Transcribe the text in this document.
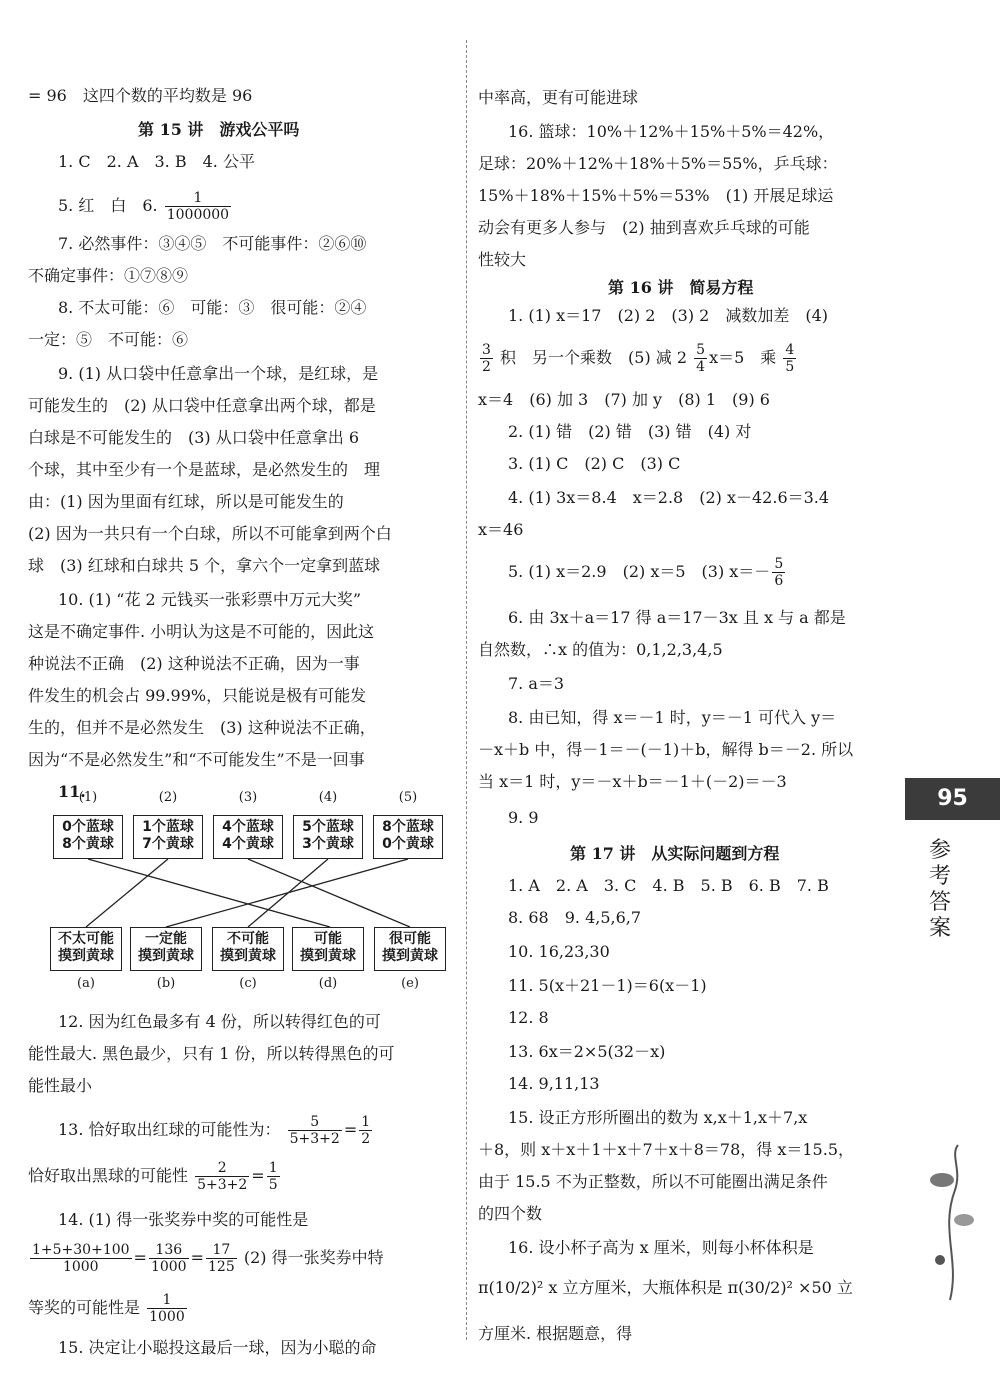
= 96　这四个数的平均数是 96
第 15 讲　游戏公平吗
1. C　2. A　3. B　4. 公平
5. 红　白　6. $\frac{1}{1000000}$
7. 必然事件：③④⑤　不可能事件：②⑥⑩
不确定事件：①⑦⑧⑨
8. 不太可能：⑥　可能：③　很可能：②④
一定：⑤　不可能：⑥
9. (1) 从口袋中任意拿出一个球，是红球，是
可能发生的　(2) 从口袋中任意拿出两个球，都是
白球是不可能发生的　(3) 从口袋中任意拿出 6
个球，其中至少有一个是蓝球，是必然发生的　理
由：(1) 因为里面有红球，所以是可能发生的
(2) 因为一共只有一个白球，所以不可能拿到两个白
球　(3) 红球和白球共 5 个，拿六个一定拿到蓝球
10. (1) “花 2 元钱买一张彩票中万元大奖”
这是不确定事件. 小明认为这是不可能的，因此这
种说法不正确　(2) 这种说法不正确，因为一事
件发生的机会占 99.99%，只能说是极有可能发
生的，但并不是必然发生　(3) 这种说法不正确，
因为“不是必然发生”和“不可能发生”不是一回事
11.
12. 因为红色最多有 4 份，所以转得红色的可
能性最大. 黑色最少，只有 1 份，所以转得黑色的可
能性最小
13. 恰好取出红球的可能性为： $\frac{5}{5+3+2} = \frac{1}{2}$
恰好取出黑球的可能性 $\frac{2}{5+3+2} = \frac{1}{5}$
14. (1) 得一张奖券中奖的可能性是
$\frac{1+5+30+100}{1000} = \frac{136}{1000} = \frac{17}{125} (2)$ 得一张奖券中特
等奖的可能性是 $\frac{1}{1000}$
15. 决定让小聪投这最后一球，因为小聪的命
(1)	(2)	(3)	(4)	(5)
0个蓝球
8个黄球
1个蓝球
7个黄球
4个蓝球
4个黄球
5个蓝球
3个黄球
8个蓝球
0个黄球
不太可能
摸到黄球
一定能
摸到黄球
不可能
摸到黄球
可能
摸到黄球
很可能
摸到黄球
(a)	(b)	(c)	(d)	(e)
中率高，更有可能进球
16. 篮球：10%＋12%＋15%＋5%＝42%，
足球：20%＋12%＋18%＋5%＝55%，乒乓球：
15%＋18%＋15%＋5%＝53%　(1) 开展足球运
动会有更多人参与　(2) 抽到喜欢乒乓球的可能
性较大
第 16 讲　简易方程
1. (1) x＝17　(2) 2　(3) 2　减数加差　(4)
$\frac{3}{2}$ 积　另一个乘数　(5) 减 $2 \frac{5}{4} x=5$　乘 $\frac{4}{5}$
x＝4　(6) 加 3　(7) 加 y　(8) 1　(9) 6
2. (1) 错　(2) 错　(3) 错　(4) 对
3. (1) C　(2) C　(3) C
4. (1) 3x＝8.4　x＝2.8　(2) x－42.6＝3.4
x＝46
5. (1) x＝2.9　(2) x＝5　(3) $x=- \frac{5}{6}$
6. 由 3x＋a＝17 得 a＝17－3x 且 x 与 a 都是
自然数，∴x 的值为：0,1,2,3,4,5
7. a＝3
8. 由已知，得 x＝－1 时，y＝－1 可代入 y＝
－x＋b 中，得－1＝－(－1)＋b，解得 b＝－2. 所以
当 x＝1 时，y＝－x＋b＝－1＋(－2)＝－3
9. 9
第 17 讲　从实际问题到方程
1. A　2. A　3. C　4. B　5. B　6. B　7. B
8. 68　9. 4,5,6,7
10. 16,23,30
11. 5(x＋21－1)＝6(x－1)
12. 8
13. 6x＝2×5(32－x)
14. 9,11,13
15. 设正方形所圈出的数为 x,x＋1,x＋7,x
＋8，则 x＋x＋1＋x＋7＋x＋8＝78，得 x＝15.5，
由于 15.5 不为正整数，所以不可能圈出满足条件
的四个数
16. 设小杯子高为 x 厘米，则每小杯体积是
π(10/2)² x 立方厘米，大瓶体积是 π(30/2)² ×50 立
方厘米. 根据题意，得
95
参考答案
